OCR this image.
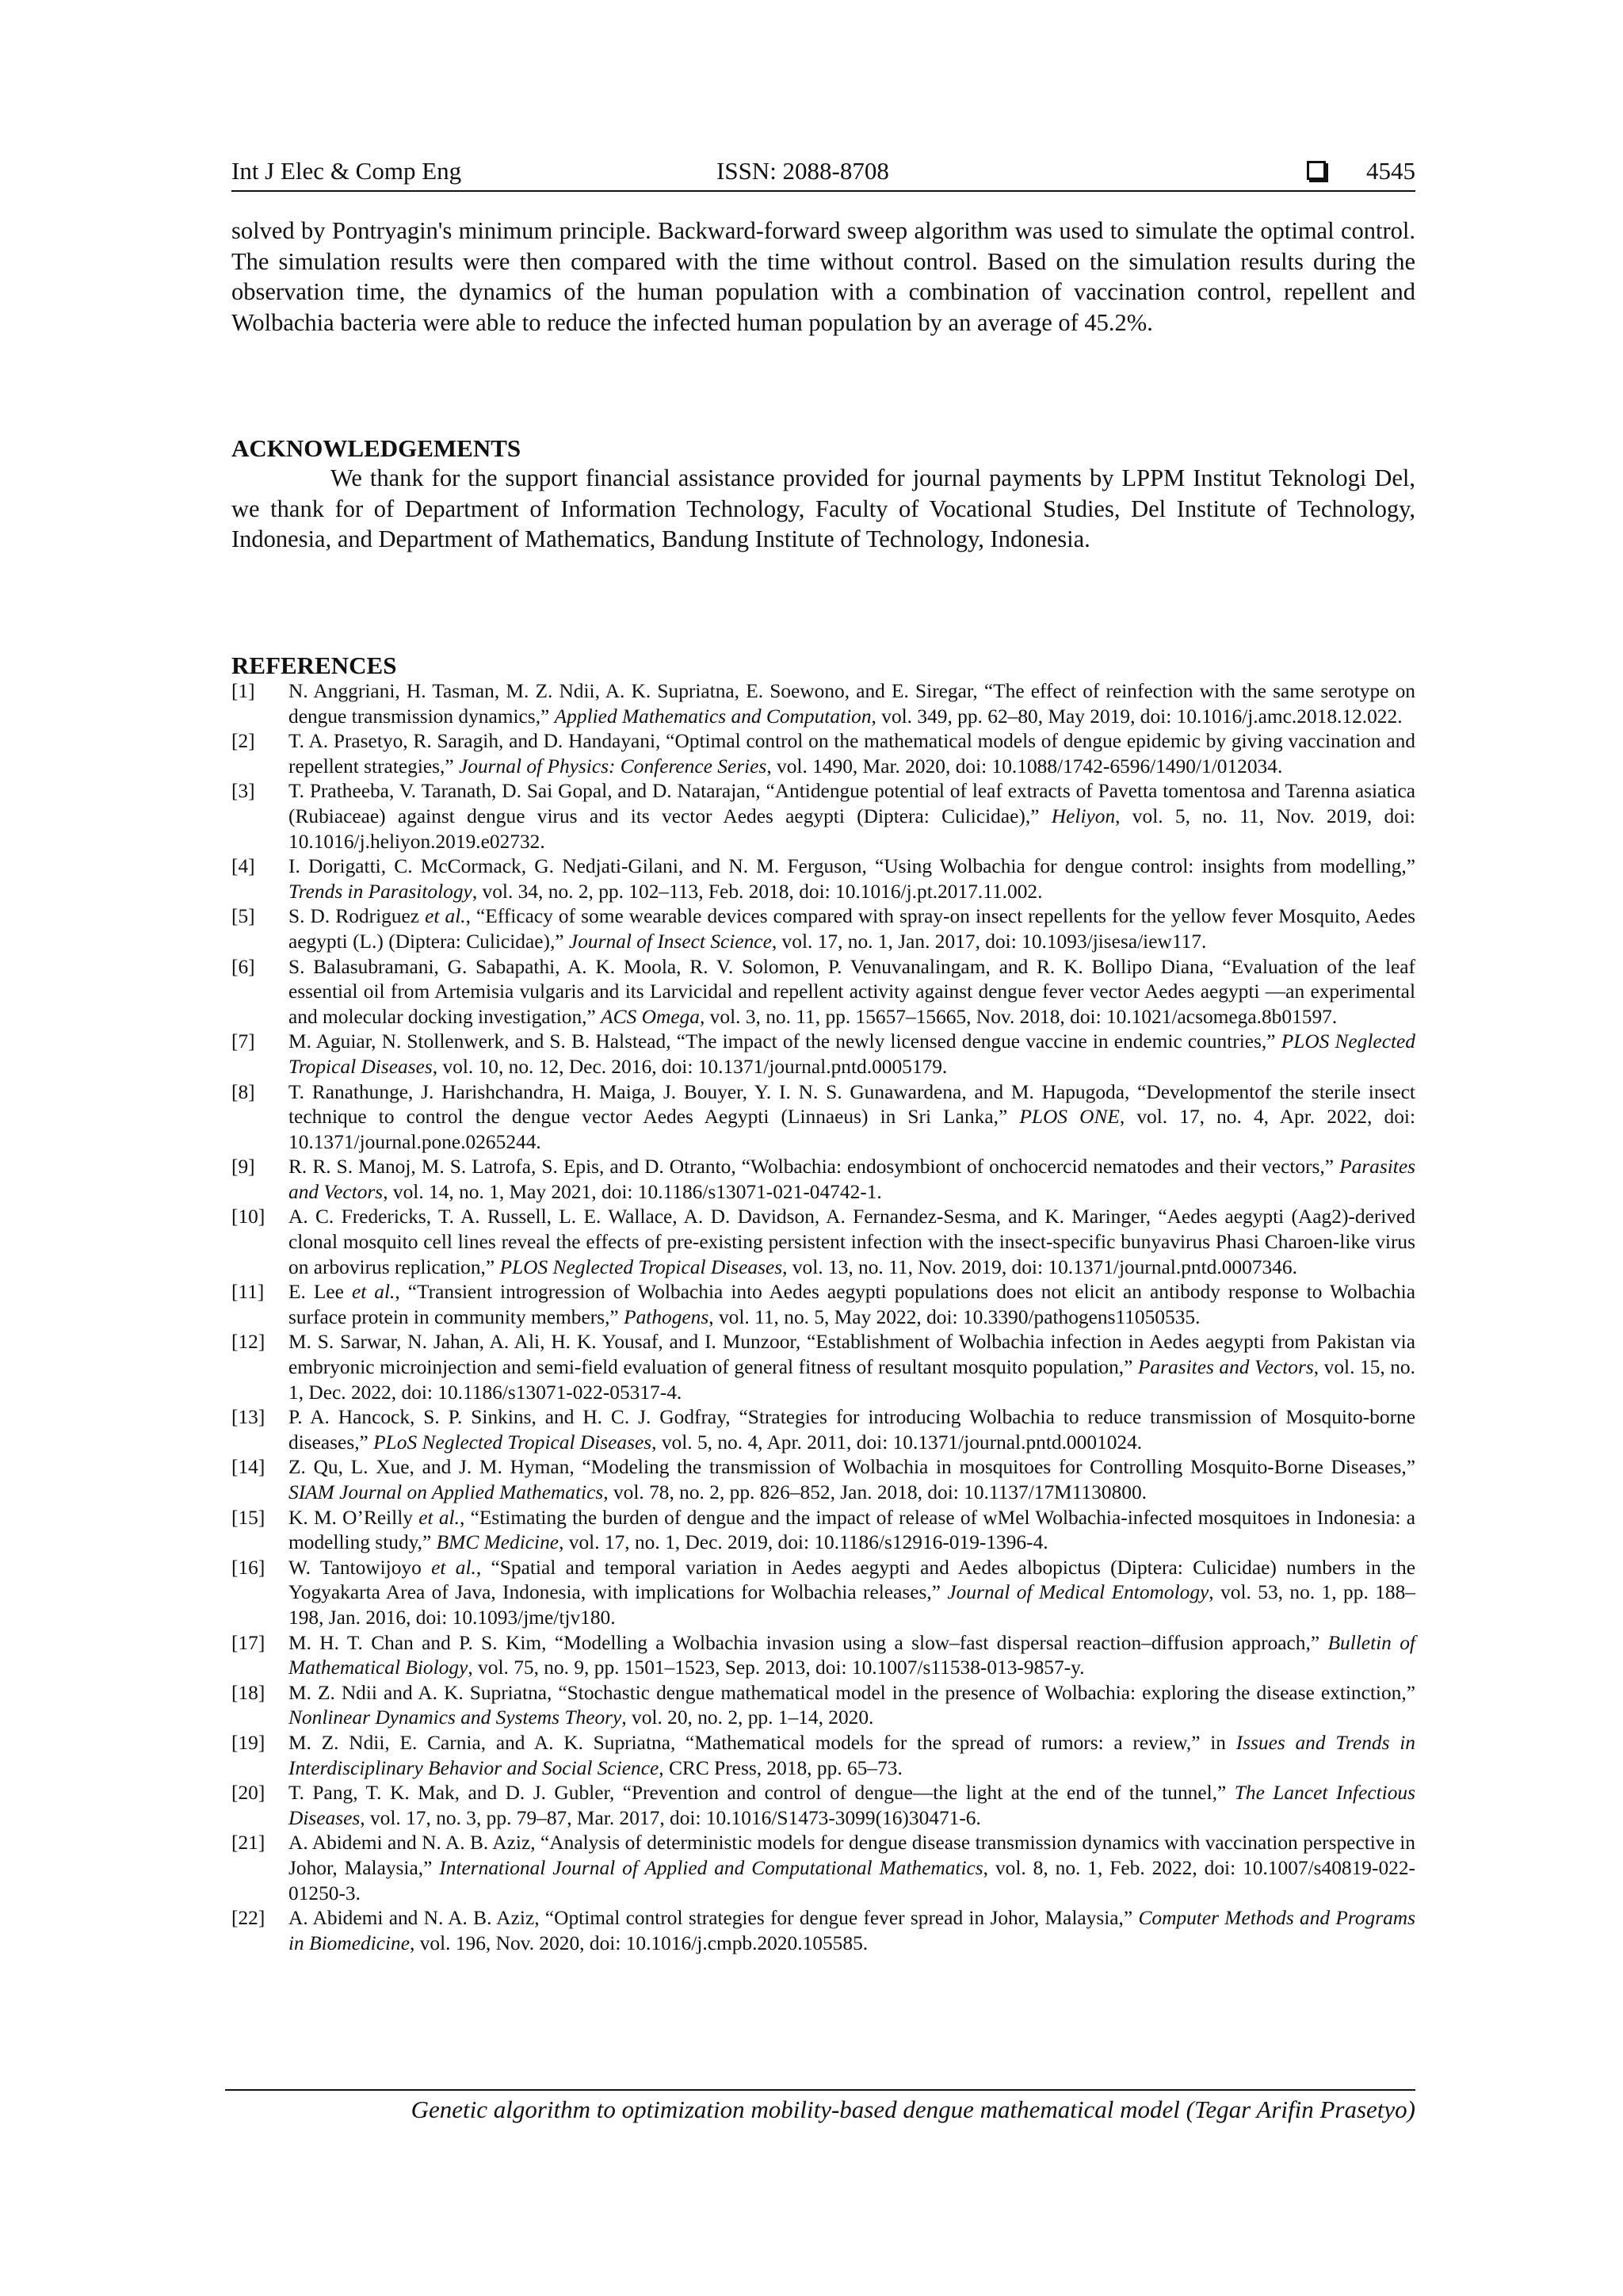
Int J Elec & Comp Eng	ISSN: 2088-8708	4545
solved by Pontryagin's minimum principle. Backward-forward sweep algorithm was used to simulate the optimal control. The simulation results were then compared with the time without control. Based on the simulation results during the observation time, the dynamics of the human population with a combination of vaccination control, repellent and Wolbachia bacteria were able to reduce the infected human population by an average of 45.2%.
ACKNOWLEDGEMENTS
We thank for the support financial assistance provided for journal payments by LPPM Institut Teknologi Del, we thank for of Department of Information Technology, Faculty of Vocational Studies, Del Institute of Technology, Indonesia, and Department of Mathematics, Bandung Institute of Technology, Indonesia.
REFERENCES
[1]	N. Anggriani, H. Tasman, M. Z. Ndii, A. K. Supriatna, E. Soewono, and E. Siregar, “The effect of reinfection with the same serotype on dengue transmission dynamics,” Applied Mathematics and Computation, vol. 349, pp. 62–80, May 2019, doi: 10.1016/j.amc.2018.12.022.
[2]	T. A. Prasetyo, R. Saragih, and D. Handayani, “Optimal control on the mathematical models of dengue epidemic by giving vaccination and repellent strategies,” Journal of Physics: Conference Series, vol. 1490, Mar. 2020, doi: 10.1088/1742-6596/1490/1/012034.
[3]	T. Pratheeba, V. Taranath, D. Sai Gopal, and D. Natarajan, “Antidengue potential of leaf extracts of Pavetta tomentosa and Tarenna asiatica (Rubiaceae) against dengue virus and its vector Aedes aegypti (Diptera: Culicidae),” Heliyon, vol. 5, no. 11, Nov. 2019, doi: 10.1016/j.heliyon.2019.e02732.
[4]	I. Dorigatti, C. McCormack, G. Nedjati-Gilani, and N. M. Ferguson, “Using Wolbachia for dengue control: insights from modelling,” Trends in Parasitology, vol. 34, no. 2, pp. 102–113, Feb. 2018, doi: 10.1016/j.pt.2017.11.002.
[5]	S. D. Rodriguez et al., “Efficacy of some wearable devices compared with spray-on insect repellents for the yellow fever Mosquito, Aedes aegypti (L.) (Diptera: Culicidae),” Journal of Insect Science, vol. 17, no. 1, Jan. 2017, doi: 10.1093/jisesa/iew117.
[6]	S. Balasubramani, G. Sabapathi, A. K. Moola, R. V. Solomon, P. Venuvanalingam, and R. K. Bollipo Diana, “Evaluation of the leaf essential oil from Artemisia vulgaris and its Larvicidal and repellent activity against dengue fever vector Aedes aegypti —an experimental and molecular docking investigation,” ACS Omega, vol. 3, no. 11, pp. 15657–15665, Nov. 2018, doi: 10.1021/acsomega.8b01597.
[7]	M. Aguiar, N. Stollenwerk, and S. B. Halstead, “The impact of the newly licensed dengue vaccine in endemic countries,” PLOS Neglected Tropical Diseases, vol. 10, no. 12, Dec. 2016, doi: 10.1371/journal.pntd.0005179.
[8]	T. Ranathunge, J. Harishchandra, H. Maiga, J. Bouyer, Y. I. N. S. Gunawardena, and M. Hapugoda, “Developmentof the sterile insect technique to control the dengue vector Aedes Aegypti (Linnaeus) in Sri Lanka,” PLOS ONE, vol. 17, no. 4, Apr. 2022, doi: 10.1371/journal.pone.0265244.
[9]	R. R. S. Manoj, M. S. Latrofa, S. Epis, and D. Otranto, “Wolbachia: endosymbiont of onchocercid nematodes and their vectors,” Parasites and Vectors, vol. 14, no. 1, May 2021, doi: 10.1186/s13071-021-04742-1.
[10]	A. C. Fredericks, T. A. Russell, L. E. Wallace, A. D. Davidson, A. Fernandez-Sesma, and K. Maringer, “Aedes aegypti (Aag2)-derived clonal mosquito cell lines reveal the effects of pre-existing persistent infection with the insect-specific bunyavirus Phasi Charoen-like virus on arbovirus replication,” PLOS Neglected Tropical Diseases, vol. 13, no. 11, Nov. 2019, doi: 10.1371/journal.pntd.0007346.
[11]	E. Lee et al., “Transient introgression of Wolbachia into Aedes aegypti populations does not elicit an antibody response to Wolbachia surface protein in community members,” Pathogens, vol. 11, no. 5, May 2022, doi: 10.3390/pathogens11050535.
[12]	M. S. Sarwar, N. Jahan, A. Ali, H. K. Yousaf, and I. Munzoor, “Establishment of Wolbachia infection in Aedes aegypti from Pakistan via embryonic microinjection and semi-field evaluation of general fitness of resultant mosquito population,” Parasites and Vectors, vol. 15, no. 1, Dec. 2022, doi: 10.1186/s13071-022-05317-4.
[13]	P. A. Hancock, S. P. Sinkins, and H. C. J. Godfray, “Strategies for introducing Wolbachia to reduce transmission of Mosquito-borne diseases,” PLoS Neglected Tropical Diseases, vol. 5, no. 4, Apr. 2011, doi: 10.1371/journal.pntd.0001024.
[14]	Z. Qu, L. Xue, and J. M. Hyman, “Modeling the transmission of Wolbachia in mosquitoes for Controlling Mosquito-Borne Diseases,” SIAM Journal on Applied Mathematics, vol. 78, no. 2, pp. 826–852, Jan. 2018, doi: 10.1137/17M1130800.
[15]	K. M. O’Reilly et al., “Estimating the burden of dengue and the impact of release of wMel Wolbachia-infected mosquitoes in Indonesia: a modelling study,” BMC Medicine, vol. 17, no. 1, Dec. 2019, doi: 10.1186/s12916-019-1396-4.
[16]	W. Tantowijoyo et al., “Spatial and temporal variation in Aedes aegypti and Aedes albopictus (Diptera: Culicidae) numbers in the Yogyakarta Area of Java, Indonesia, with implications for Wolbachia releases,” Journal of Medical Entomology, vol. 53, no. 1, pp. 188–198, Jan. 2016, doi: 10.1093/jme/tjv180.
[17]	M. H. T. Chan and P. S. Kim, “Modelling a Wolbachia invasion using a slow–fast dispersal reaction–diffusion approach,” Bulletin of Mathematical Biology, vol. 75, no. 9, pp. 1501–1523, Sep. 2013, doi: 10.1007/s11538-013-9857-y.
[18]	M. Z. Ndii and A. K. Supriatna, “Stochastic dengue mathematical model in the presence of Wolbachia: exploring the disease extinction,” Nonlinear Dynamics and Systems Theory, vol. 20, no. 2, pp. 1–14, 2020.
[19]	M. Z. Ndii, E. Carnia, and A. K. Supriatna, “Mathematical models for the spread of rumors: a review,” in Issues and Trends in Interdisciplinary Behavior and Social Science, CRC Press, 2018, pp. 65–73.
[20]	T. Pang, T. K. Mak, and D. J. Gubler, “Prevention and control of dengue—the light at the end of the tunnel,” The Lancet Infectious Diseases, vol. 17, no. 3, pp. 79–87, Mar. 2017, doi: 10.1016/S1473-3099(16)30471-6.
[21]	A. Abidemi and N. A. B. Aziz, “Analysis of deterministic models for dengue disease transmission dynamics with vaccination perspective in Johor, Malaysia,” International Journal of Applied and Computational Mathematics, vol. 8, no. 1, Feb. 2022, doi: 10.1007/s40819-022-01250-3.
[22]	A. Abidemi and N. A. B. Aziz, “Optimal control strategies for dengue fever spread in Johor, Malaysia,” Computer Methods and Programs in Biomedicine, vol. 196, Nov. 2020, doi: 10.1016/j.cmpb.2020.105585.
Genetic algorithm to optimization mobility-based dengue mathematical model (Tegar Arifin Prasetyo)
